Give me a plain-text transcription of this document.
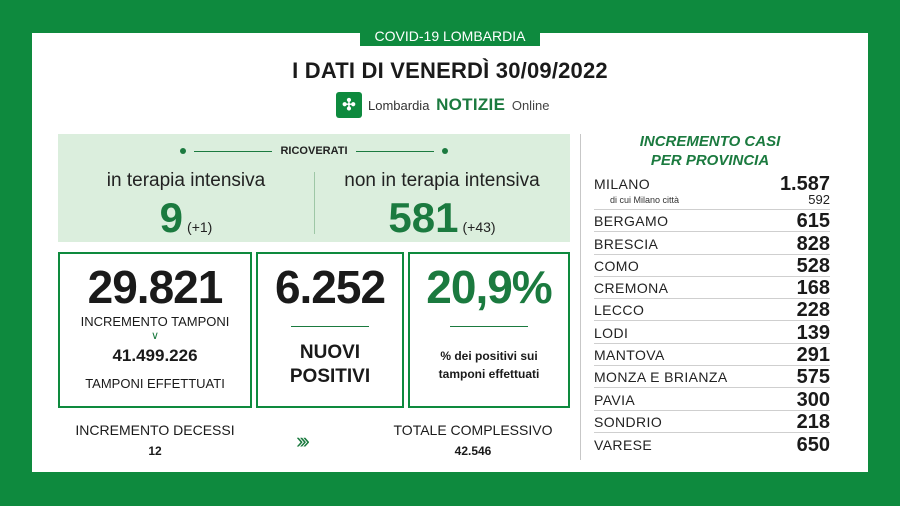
COVID-19 LOMBARDIA
I DATI DI VENERDÌ 30/09/2022
✣ Lombardia NOTIZIE Online
RICOVERATI
in terapia intensiva
9 (+1)
non in terapia intensiva
581 (+43)
29.821
INCREMENTO TAMPONI
∨
41.499.226
TAMPONI EFFETTUATI
6.252
NUOVI
POSITIVI
20,9%
% dei positivi sui
tamponi effettuati
INCREMENTO DECESSI
12	›››	TOTALE COMPLESSIVO
42.546
INCREMENTO CASI
PER PROVINCIA
MILANO	1.587
di cui Milano città	592
BERGAMO	615
BRESCIA	828
COMO	528
CREMONA	168
LECCO	228
LODI	139
MANTOVA	291
MONZA E BRIANZA	575
PAVIA	300
SONDRIO	218
VARESE	650
